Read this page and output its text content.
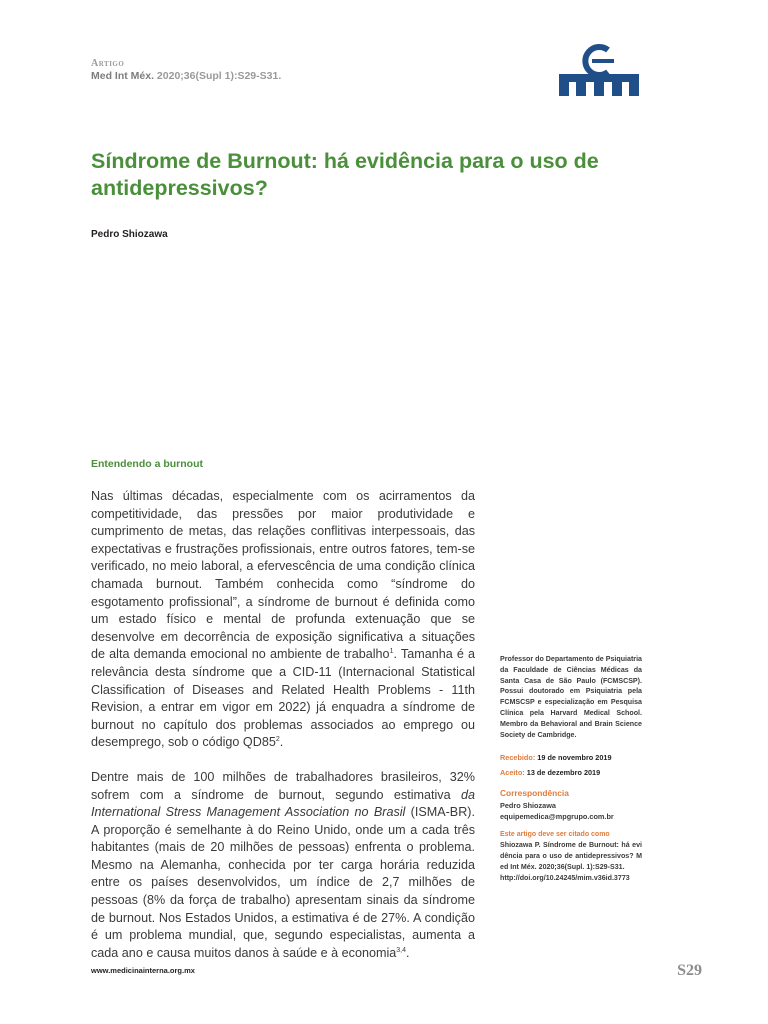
Artigo
Med Int Méx. 2020;36(Supl 1):S29-S31.
Síndrome de Burnout: há evidência para o uso de antidepressivos?
Pedro Shiozawa
Entendendo a burnout

Nas últimas décadas, especialmente com os acirramentos da competitividade, das pressões por maior produtividade e cumprimento de metas, das relações conflitivas interpessoais, das expectativas e frustrações profissionais, entre outros fatores, tem-se verificado, no meio laboral, a efervescência de uma condição clínica chamada burnout. Também conhecida como “síndrome do esgotamento profissional”, a síndrome de burnout é definida como um estado físico e mental de profunda extenuação que se desenvolve em decorrência de exposição significativa a situações de alta demanda emocional no ambiente de trabalho$^1$. Tamanha é a relevância desta síndrome que a CID-11 (Internacional Statistical Classification of Diseases and Related Health Problems - 11th Revision, a entrar em vigor em 2022) já enquadra a síndrome de burnout no capítulo dos problemas associados ao emprego ou desemprego, sob o código $QD85^2$.

Dentre mais de 100 milhões de trabalhadores brasileiros, 32% sofrem com a síndrome de burnout, segundo estimativa da International Stress Management Association no Brasil (ISMA-BR). A proporção é semelhante à do Reino Unido, onde um a cada três habitantes (mais de 20 milhões de pessoas) enfrenta o problema. Mesmo na Alemanha, conhecida por ter carga horária reduzida entre os países desenvolvidos, um índice de 2,7 milhões de pessoas (8% da força de trabalho) apresentam sinais da síndrome de burnout. Nos Estados Unidos, a estimativa é de 27%. A condição é um problema mundial, que, segundo especialistas, aumenta a cada ano e causa muitos danos à saúde e à economia$^{3,4}$.

Professor do Departamento de Psiquiatria da Faculdade de Ciências Médicas da Santa Casa de São Paulo (FCMSCSP). Possui doutorado em Psiquiatria pela FCMSCSP e especialização em Pesquisa Clínica pela Harvard Medical School. Membro da Behavioral and Brain Science Society de Cambridge.

Recebido: 19 de novembro 2019
Aceito: 13 de dezembro 2019
Correspondência
Pedro Shiozawa
equipemedica@mpgrupo.com.br
Este artigo deve ser citado como
Shiozawa P. Síndrome de Burnout: há evidência para o uso de antidepressivos? Med Int Méx. 2020;36(Supl. 1):S29-S31.
http://doi.org/10.24245/mim.v36id.3773
www.medicinainterna.org.mx	S29
